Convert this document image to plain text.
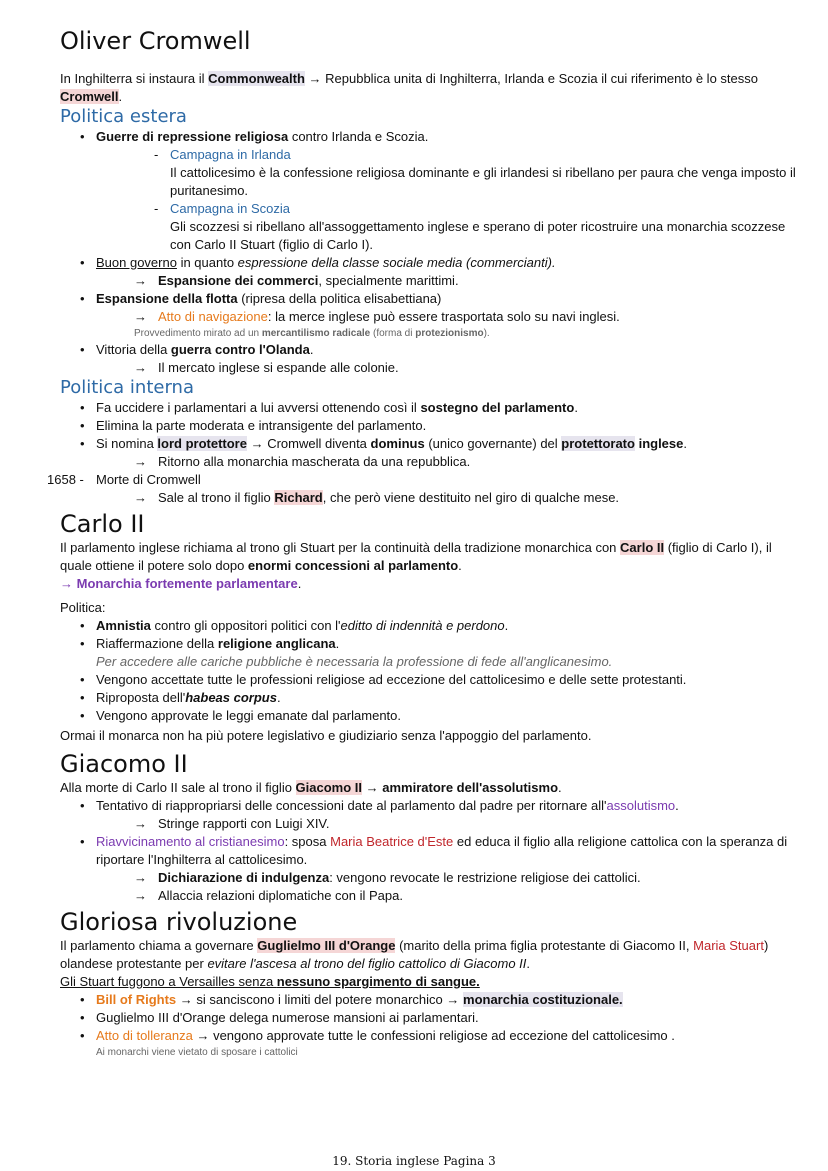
Oliver Cromwell

In Inghilterra si instaura il Commonwealth → Repubblica unita di Inghilterra, Irlanda e Scozia il cui riferimento è lo stesso Cromwell.

Politica estera
• Guerre di repressione religiosa contro Irlanda e Scozia.
- Campagna in Irlanda
Il cattolicesimo è la confessione religiosa dominante e gli irlandesi si ribellano per paura che venga imposto il puritanesimo.
- Campagna in Scozia
Gli scozzesi si ribellano all'assoggettamento inglese e sperano di poter ricostruire una monarchia scozzese con Carlo II Stuart (figlio di Carlo I).
• Buon governo in quanto espressione della classe sociale media (commercianti).
→ Espansione dei commerci, specialmente marittimi.
• Espansione della flotta (ripresa della politica elisabettiana)
→ Atto di navigazione: la merce inglese può essere trasportata solo su navi inglesi.
Provvedimento mirato ad un mercantilismo radicale (forma di protezionismo).
• Vittoria della guerra contro l'Olanda.
→ Il mercato inglese si espande alle colonie.
Politica interna
• Fa uccidere i parlamentari a lui avversi ottenendo così il sostegno del parlamento.
• Elimina la parte moderata e intransigente del parlamento.
• Si nomina lord protettore → Cromwell diventa dominus (unico governante) del protettorato inglese.
→ Ritorno alla monarchia mascherata da una repubblica.
1658 - Morte di Cromwell
→ Sale al trono il figlio Richard, che però viene destituito nel giro di qualche mese.
Carlo II

Il parlamento inglese richiama al trono gli Stuart per la continuità della tradizione monarchica con Carlo II (figlio di Carlo I), il quale ottiene il potere solo dopo enormi concessioni al parlamento.

→ Monarchia fortemente parlamentare.

Politica:

• Amnistia contro gli oppositori politici con l'editto di indennità e perdono.
• Riaffermazione della religione anglicana.
Per accedere alle cariche pubbliche è necessaria la professione di fede all'anglicanesimo.
• Vengono accettate tutte le professioni religiose ad eccezione del cattolicesimo e delle sette protestanti.
• Riproposta dell'habeas corpus.
• Vengono approvate le leggi emanate dal parlamento.

Ormai il monarca non ha più potere legislativo e giudiziario senza l'appoggio del parlamento.

Giacomo II

Alla morte di Carlo II sale al trono il figlio Giacomo II → ammiratore dell'assolutismo.

• Tentativo di riappropriarsi delle concessioni date al parlamento dal padre per ritornare all'assolutismo.
→ Stringe rapporti con Luigi XIV.
• Riavvicinamento al cristianesimo: sposa Maria Beatrice d'Este ed educa il figlio alla religione cattolica con la speranza di riportare l'Inghilterra al cattolicesimo.
→ Dichiarazione di indulgenza: vengono revocate le restrizione religiose dei cattolici.
→ Allaccia relazioni diplomatiche con il Papa.
Gloriosa rivoluzione

Il parlamento chiama a governare Guglielmo III d'Orange (marito della prima figlia protestante di Giacomo II, Maria Stuart) olandese protestante per evitare l'ascesa al trono del figlio cattolico di Giacomo II.

Gli Stuart fuggono a Versailles senza nessuno spargimento di sangue.

• Bill of Rights → si sanciscono i limiti del potere monarchico → monarchia costituzionale.
• Guglielmo III d'Orange delega numerose mansioni ai parlamentari.
• Atto di tolleranza → vengono approvate tutte le confessioni religiose ad eccezione del cattolicesimo .
Ai monarchi viene vietato di sposare i cattolici
19. Storia inglese Pagina 3
